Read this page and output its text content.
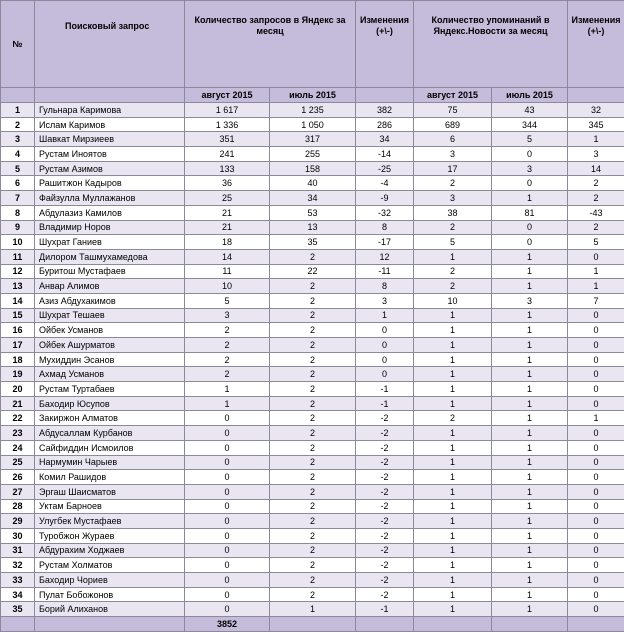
№	Поисковый запрос	Количество запросов в Яндекс за месяц		Изменения (+\-)	Количество упоминаний в Яндекс.Новости за месяц		Изменения (+\-)
		август 2015	июль 2015		август 2015	июль 2015	
1	Гульнара Каримова	1 617	1 235	382	75	43	32
2	Ислам Каримов	1 336	1 050	286	689	344	345
3	Шавкат Мирзиеев	351	317	34	6	5	1
4	Рустам Иноятов	241	255	-14	3	0	3
5	Рустам Азимов	133	158	-25	17	3	14
6	Рашитжон Кадыров	36	40	-4	2	0	2
7	Файзулла Муллажанов	25	34	-9	3	1	2
8	Абдулазиз Камилов	21	53	-32	38	81	-43
9	Владимир Норов	21	13	8	2	0	2
10	Шухрат Ганиев	18	35	-17	5	0	5
11	Дилором Ташмухамедова	14	2	12	1	1	0
12	Буритош Мустафаев	11	22	-11	2	1	1
13	Анвар Алимов	10	2	8	2	1	1
14	Азиз Абдухакимов	5	2	3	10	3	7
15	Шухрат Тешаев	3	2	1	1	1	0
16	Ойбек Усманов	2	2	0	1	1	0
17	Ойбек Ашурматов	2	2	0	1	1	0
18	Мухиддин Эсанов	2	2	0	1	1	0
19	Ахмад Усманов	2	2	0	1	1	0
20	Рустам Туртабаев	1	2	-1	1	1	0
21	Баходир Юсупов	1	2	-1	1	1	0
22	Закиржон Алматов	0	2	-2	2	1	1
23	Абдусаллам Курбанов	0	2	-2	1	1	0
24	Сайфиддин Исмоилов	0	2	-2	1	1	0
25	Нармумин Чарыев	0	2	-2	1	1	0
26	Комил Рашидов	0	2	-2	1	1	0
27	Эргаш Шаисматов	0	2	-2	1	1	0
28	Уктам Барноев	0	2	-2	1	1	0
29	Улугбек Мустафаев	0	2	-2	1	1	0
30	Туробжон Жураев	0	2	-2	1	1	0
31	Абдурахим Ходжаев	0	2	-2	1	1	0
32	Рустам Холматов	0	2	-2	1	1	0
33	Баходир Чориев	0	2	-2	1	1	0
34	Пулат Бобожонов	0	2	-2	1	1	0
35	Борий Алиханов	0	1	-1	1	1	0
		3852					
